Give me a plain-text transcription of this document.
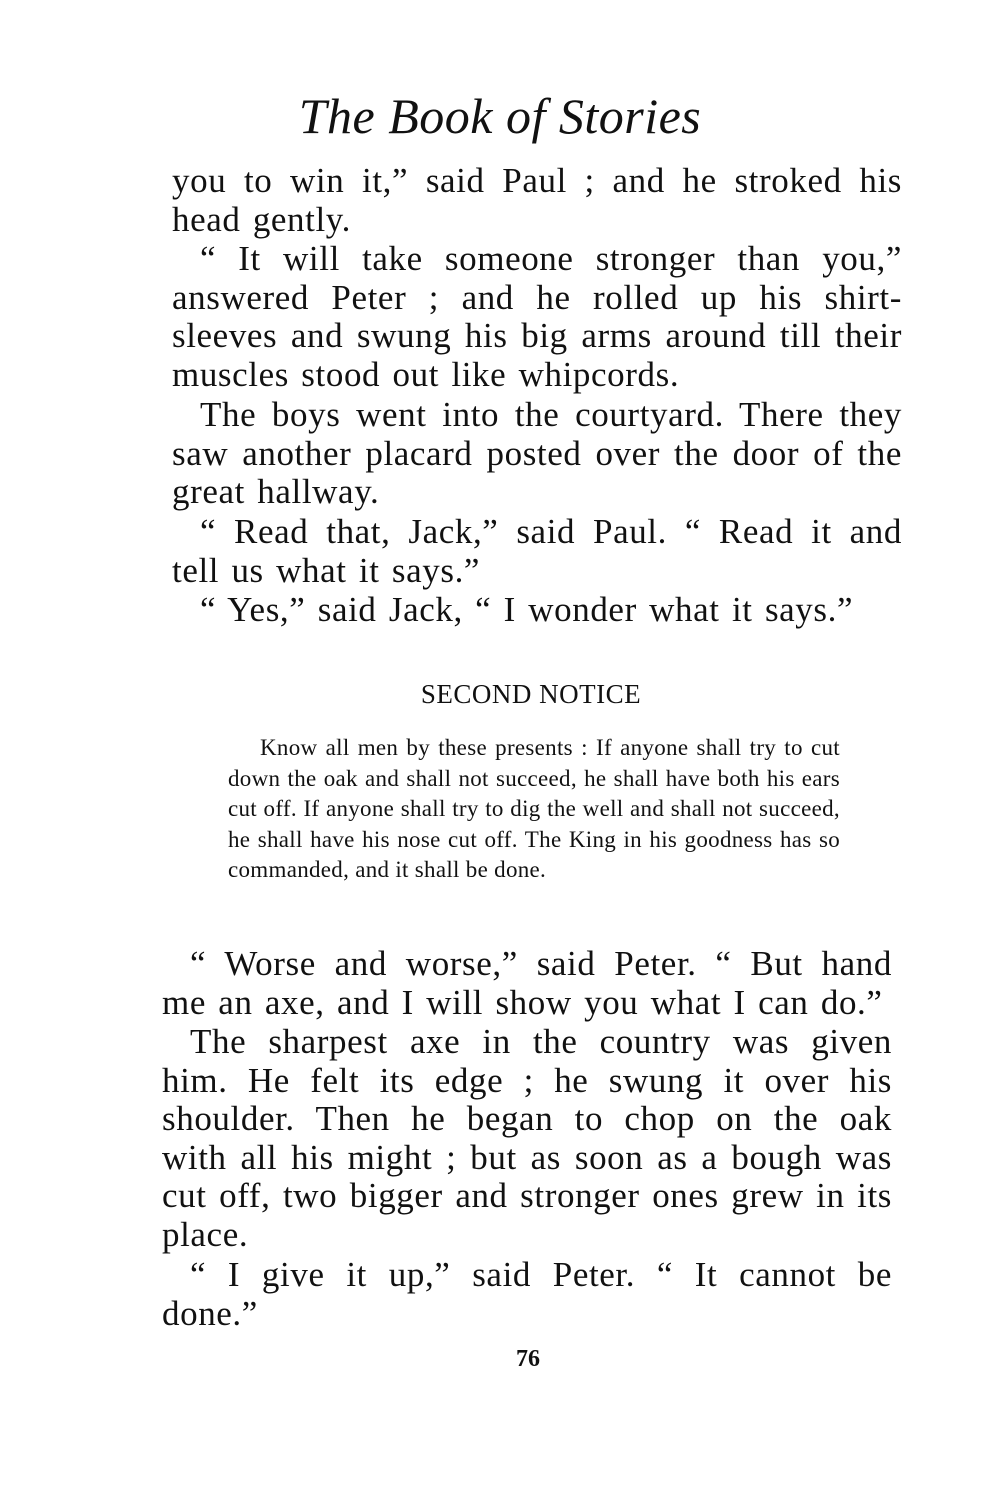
The Book of Stories

you to win it,” said Paul ; and he stroked his head gently.

“ It will take someone stronger than you,” answered Peter ; and he rolled up his shirt-sleeves and swung his big arms around till their muscles stood out like whipcords.

The boys went into the courtyard. There they saw another placard posted over the door of the great hallway.

“ Read that, Jack,” said Paul. “ Read it and tell us what it says.”

“ Yes,” said Jack, “ I wonder what it says.”

SECOND NOTICE

Know all men by these presents : If anyone shall try to cut down the oak and shall not succeed, he shall have both his ears cut off. If anyone shall try to dig the well and shall not succeed, he shall have his nose cut off. The King in his goodness has so commanded, and it shall be done.

“ Worse and worse,” said Peter. “ But hand me an axe, and I will show you what I can do.”

The sharpest axe in the country was given him. He felt its edge ; he swung it over his shoulder. Then he began to chop on the oak with all his might ; but as soon as a bough was cut off, two bigger and stronger ones grew in its place.

“ I give it up,” said Peter. “ It cannot be done.”

76
